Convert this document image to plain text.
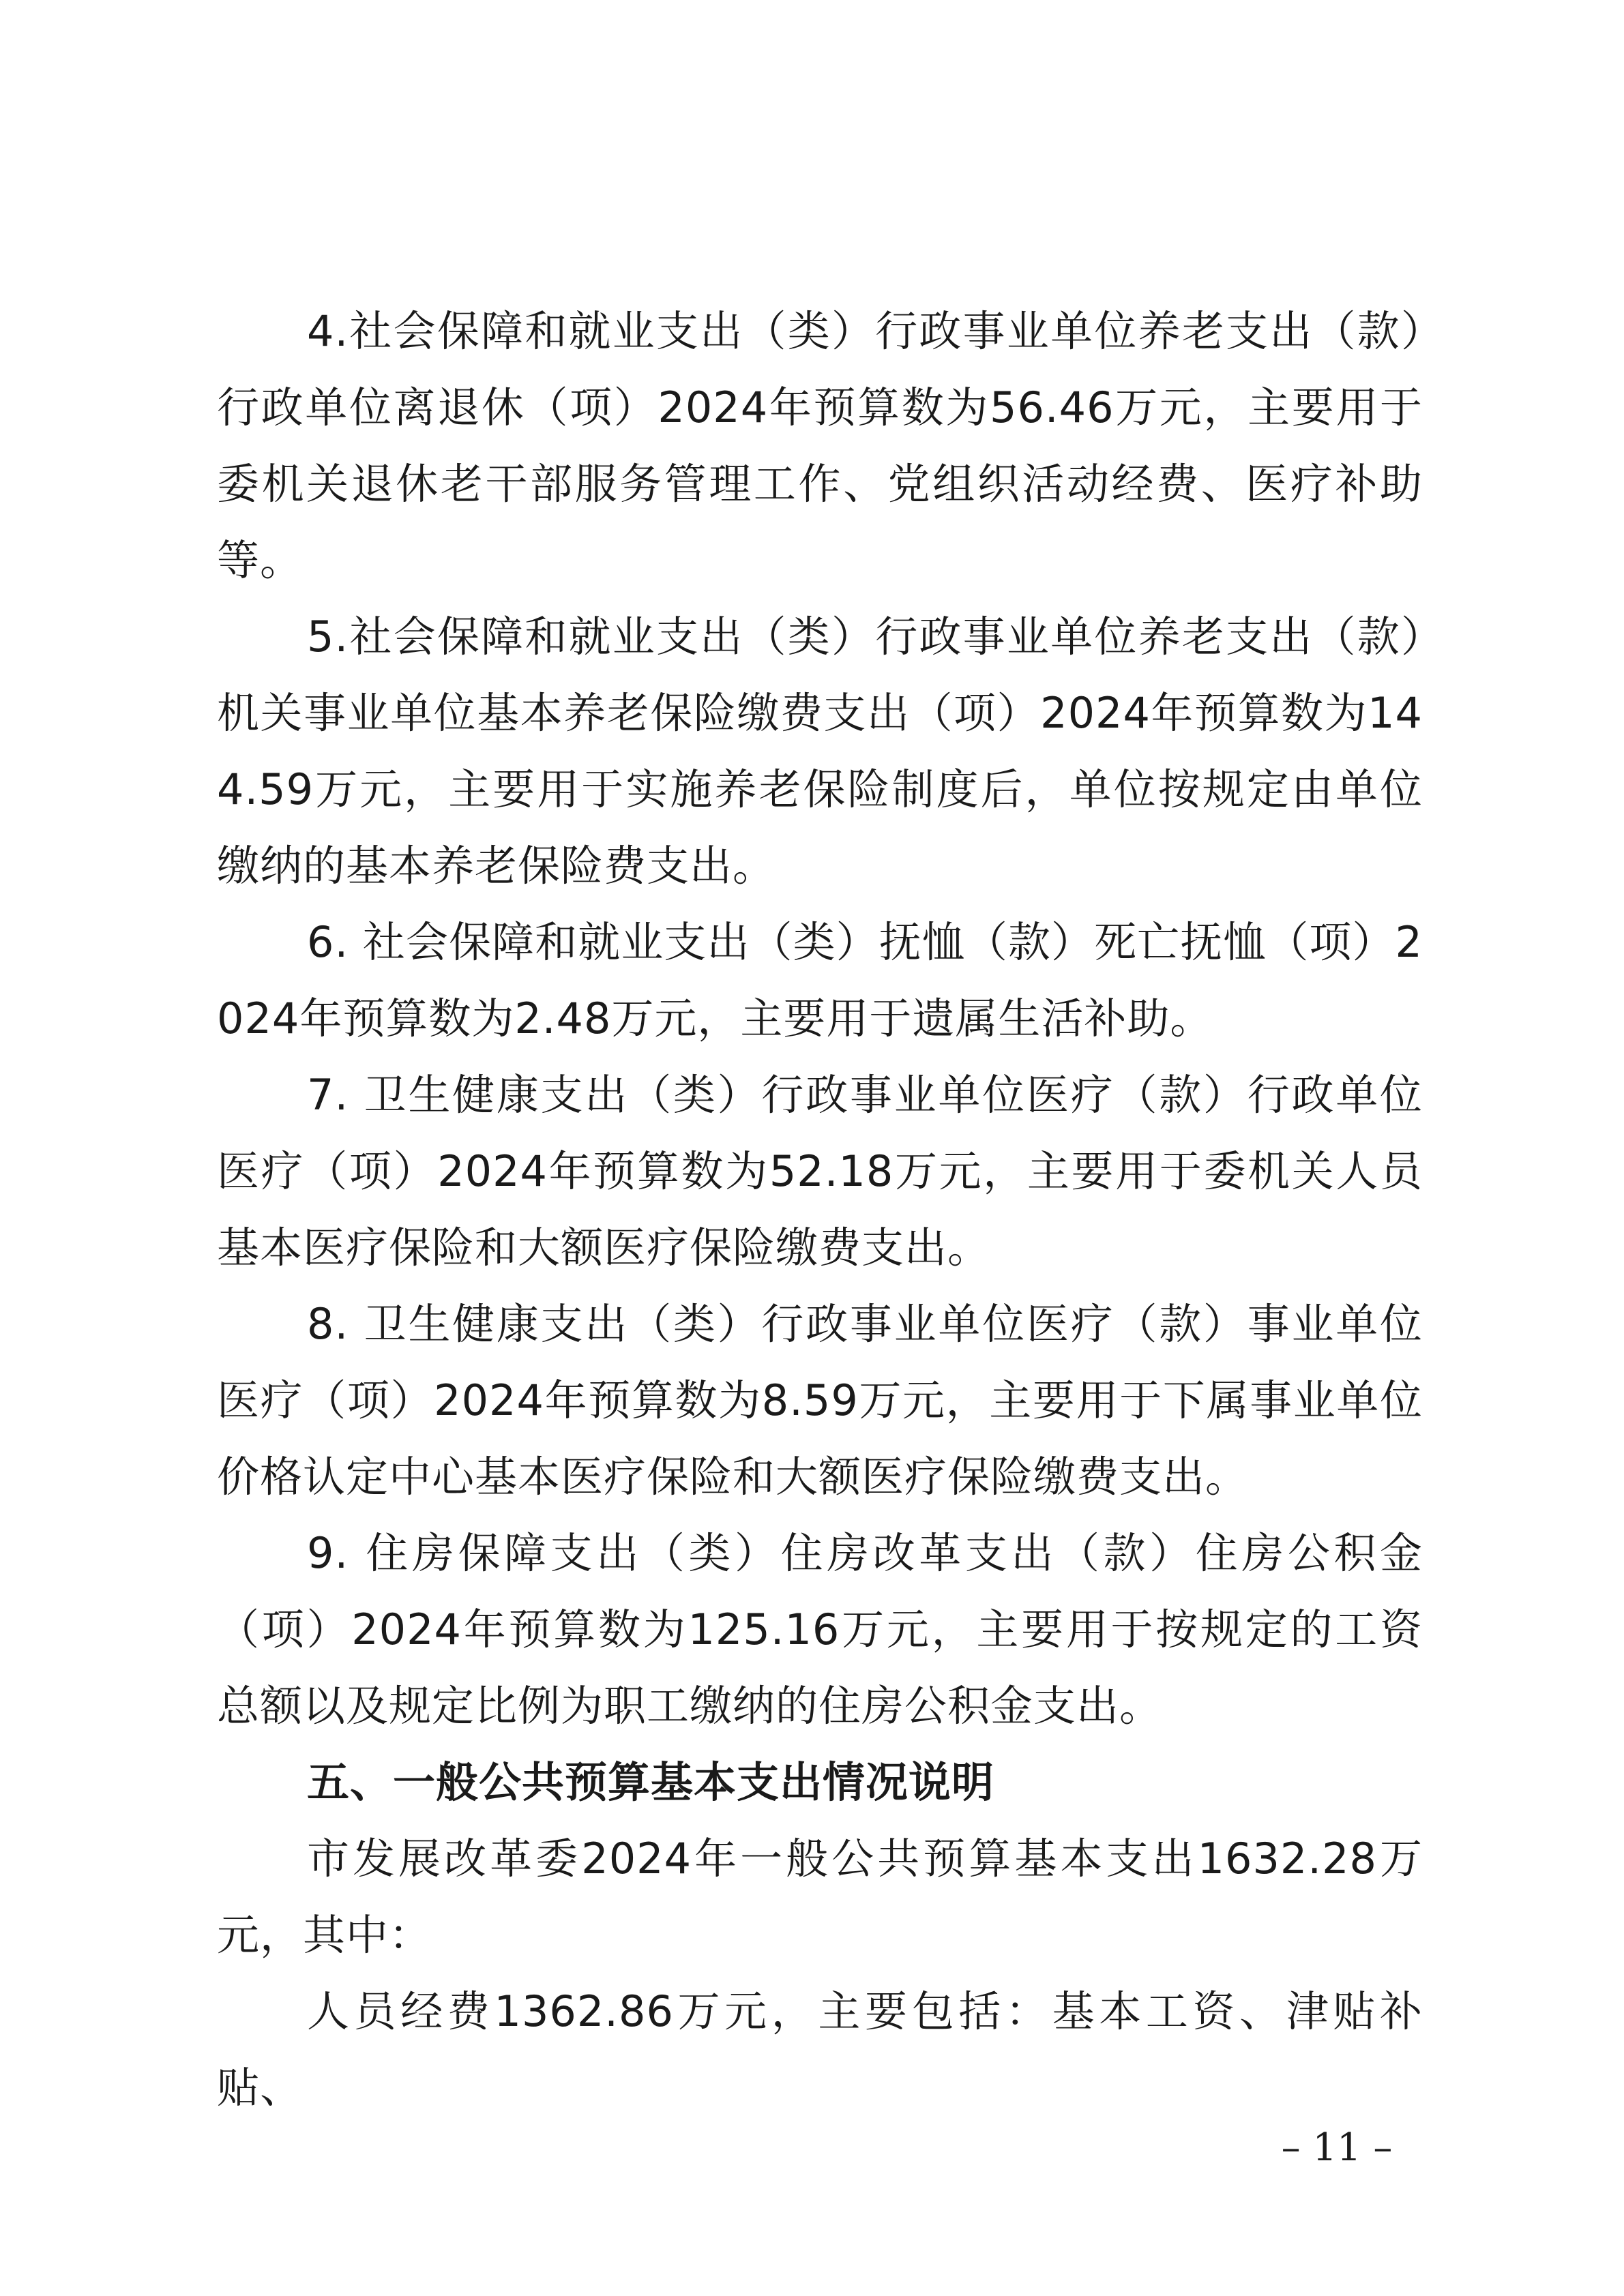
4.社会保障和就业支出（类）行政事业单位养老支出（款）行政单位离退休（项）2024年预算数为56.46万元，主要用于委机关退休老干部服务管理工作、党组织活动经费、医疗补助等。

5.社会保障和就业支出（类）行政事业单位养老支出（款）机关事业单位基本养老保险缴费支出（项）2024年预算数为144.59万元，主要用于实施养老保险制度后，单位按规定由单位缴纳的基本养老保险费支出。

6. 社会保障和就业支出（类）抚恤（款）死亡抚恤（项）2024年预算数为2.48万元，主要用于遗属生活补助。

7. 卫生健康支出（类）行政事业单位医疗（款）行政单位医疗（项）2024年预算数为52.18万元，主要用于委机关人员基本医疗保险和大额医疗保险缴费支出。

8. 卫生健康支出（类）行政事业单位医疗（款）事业单位医疗（项）2024年预算数为8.59万元，主要用于下属事业单位价格认定中心基本医疗保险和大额医疗保险缴费支出。

9. 住房保障支出（类）住房改革支出（款）住房公积金（项）2024年预算数为125.16万元，主要用于按规定的工资总额以及规定比例为职工缴纳的住房公积金支出。

五、一般公共预算基本支出情况说明

市发展改革委2024年一般公共预算基本支出1632.28万元，其中：

人员经费1362.86万元，主要包括：基本工资、津贴补贴、

– 11 –
